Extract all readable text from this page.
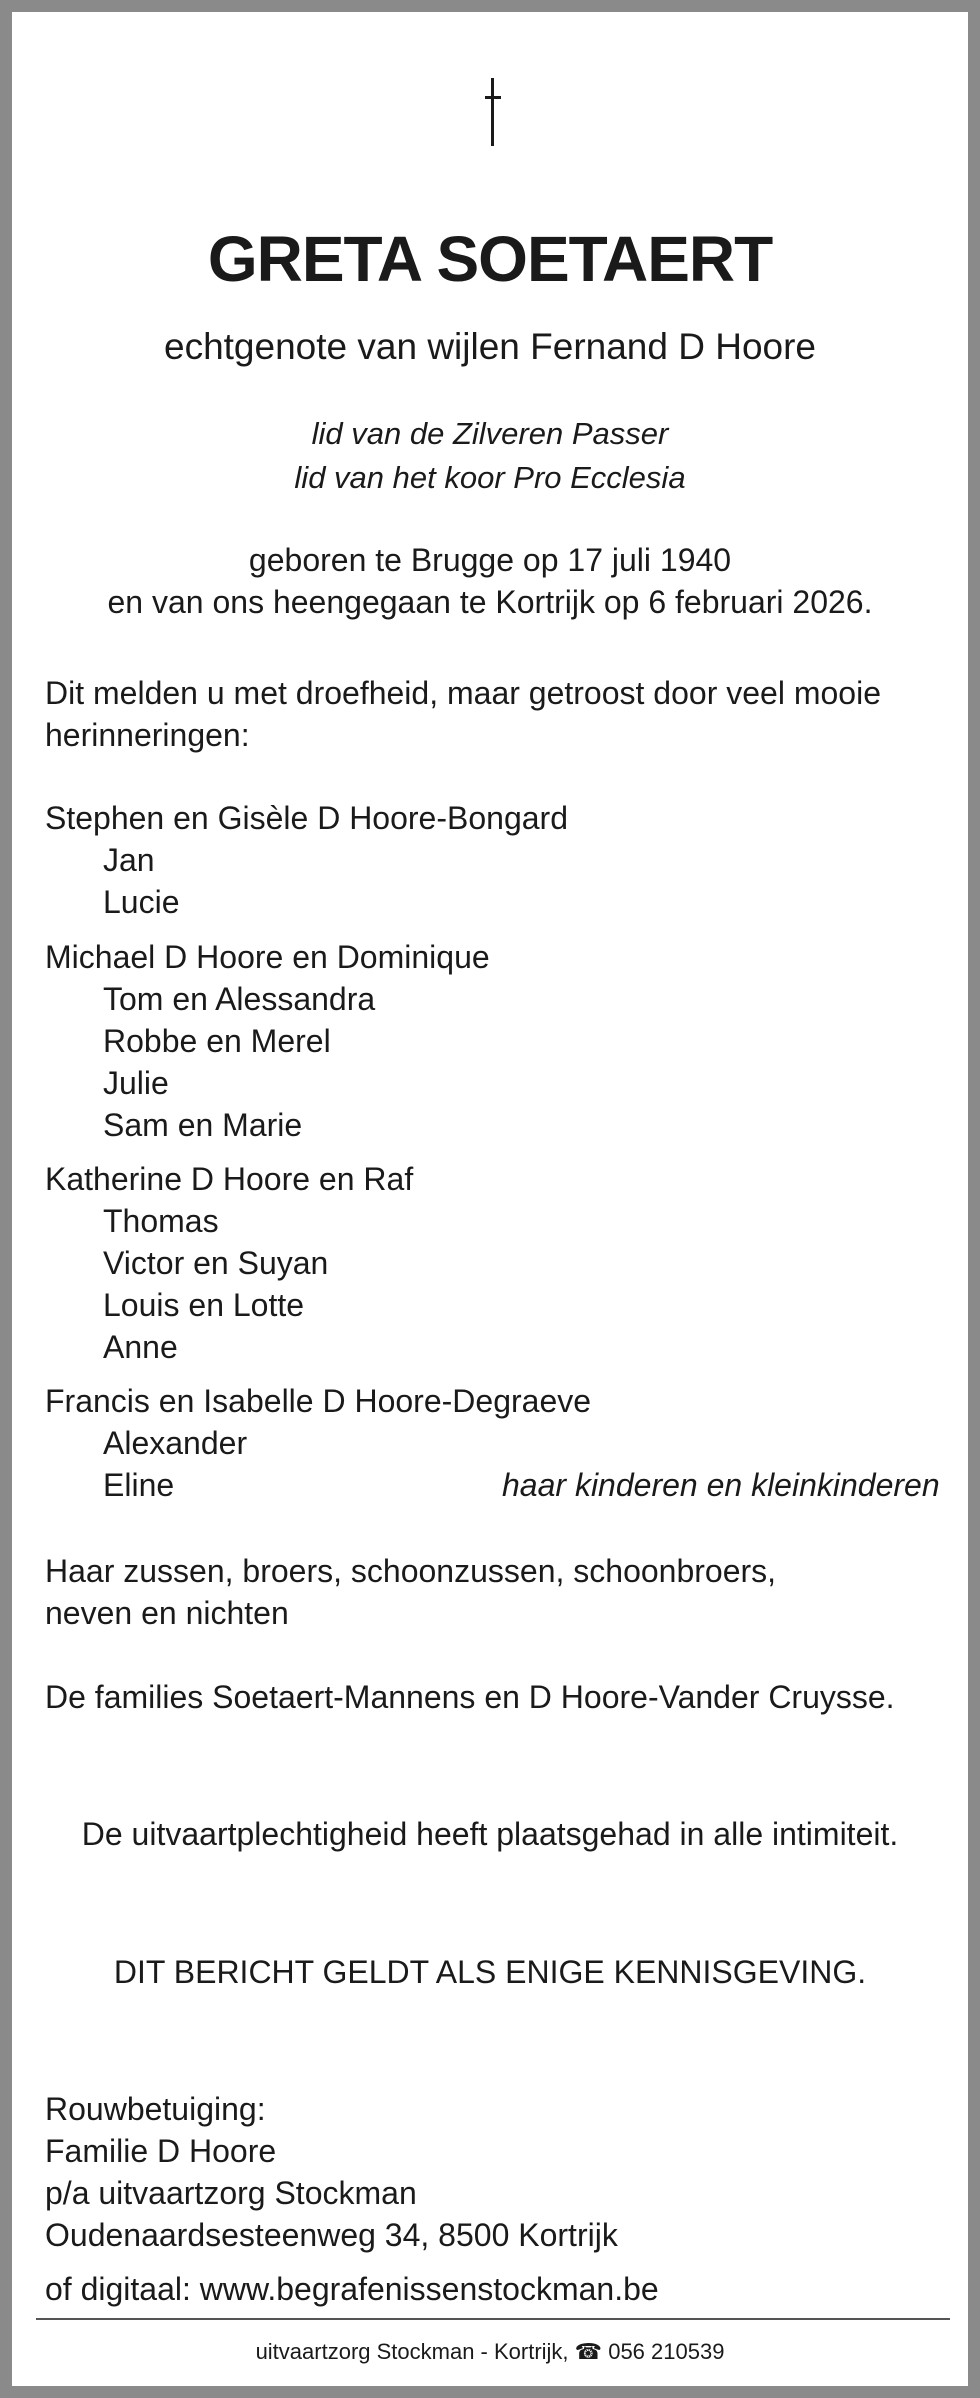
GRETA SOETAERT
echtgenote van wijlen Fernand D Hoore
lid van de Zilveren Passer
lid van het koor Pro Ecclesia
geboren te Brugge op 17 juli 1940
en van ons heengegaan te Kortrijk op 6 februari 2026.
Dit melden u met droefheid, maar getroost door veel mooie
herinneringen:
Stephen en Gisèle D Hoore-Bongard
Jan
Lucie
Michael D Hoore en Dominique
Tom en Alessandra
Robbe en Merel
Julie
Sam en Marie
Katherine D Hoore en Raf
Thomas
Victor en Suyan
Louis en Lotte
Anne
Francis en Isabelle D Hoore-Degraeve
Alexander
Eline	haar kinderen en kleinkinderen
Haar zussen, broers, schoonzussen, schoonbroers,
neven en nichten
De families Soetaert-Mannens en D Hoore-Vander Cruysse.
De uitvaartplechtigheid heeft plaatsgehad in alle intimiteit.
DIT BERICHT GELDT ALS ENIGE KENNISGEVING.
Rouwbetuiging:
Familie D Hoore
p/a uitvaartzorg Stockman
Oudenaardsesteenweg 34, 8500 Kortrijk
of digitaal: www.begrafenissenstockman.be
uitvaartzorg Stockman - Kortrijk, ☎ 056 210539
